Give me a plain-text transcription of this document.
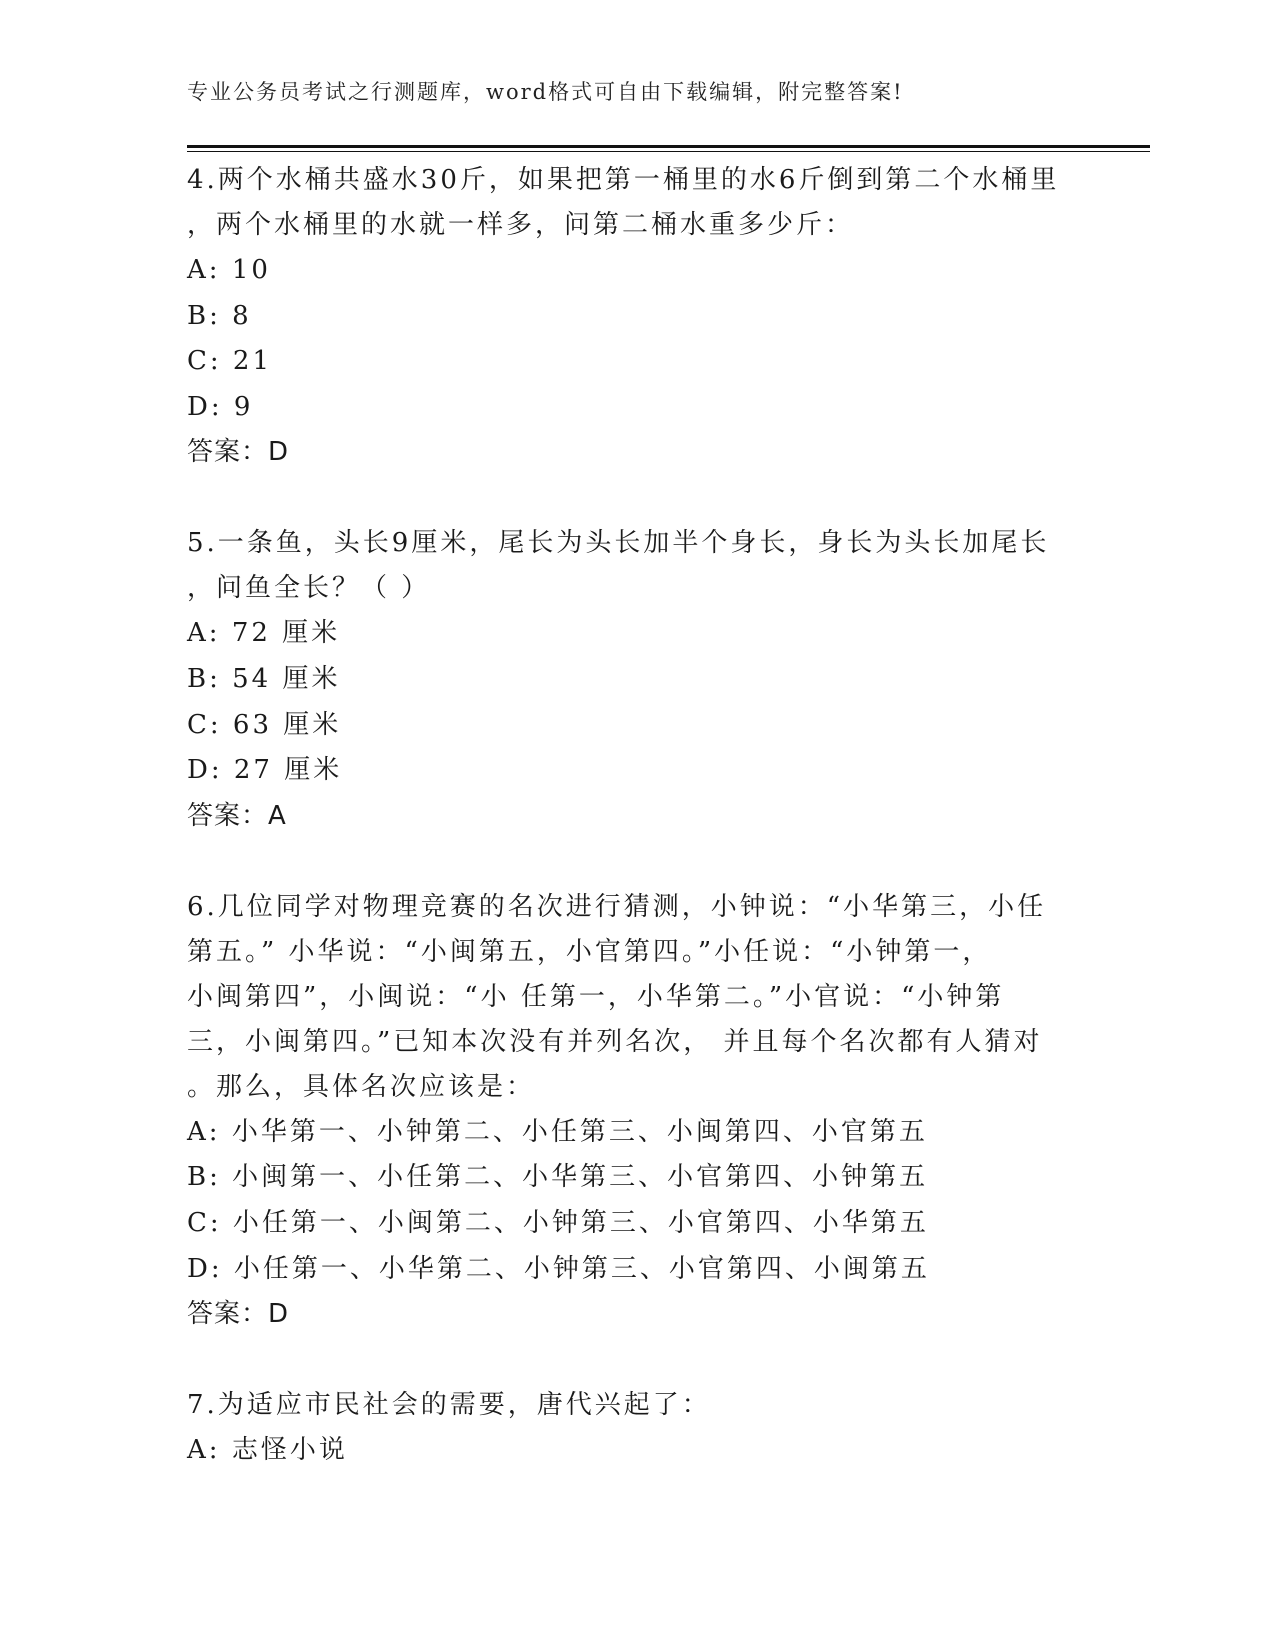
专业公务员考试之行测题库，word格式可自由下载编辑，附完整答案!
4.两个水桶共盛水30斤，如果把第一桶里的水6斤倒到第二个水桶里
，两个水桶里的水就一样多，问第二桶水重多少斤：
A: 10
B: 8
C: 21
D: 9
答案：D
5.一条鱼，头长9厘米，尾长为头长加半个身长，身长为头长加尾长
，问鱼全长？（ ）
A: 72 厘米
B: 54 厘米
C: 63 厘米
D: 27 厘米
答案：A
6.几位同学对物理竞赛的名次进行猜测，小钟说：“小华第三，小任
第五。” 小华说：“小闽第五，小官第四。”小任说：“小钟第一，
小闽第四”，小闽说：“小 任第一，小华第二。”小官说：“小钟第
三，小闽第四。”已知本次没有并列名次， 并且每个名次都有人猜对
。那么，具体名次应该是：
A: 小华第一、小钟第二、小任第三、小闽第四、小官第五
B: 小闽第一、小任第二、小华第三、小官第四、小钟第五
C: 小任第一、小闽第二、小钟第三、小官第四、小华第五
D: 小任第一、小华第二、小钟第三、小官第四、小闽第五
答案：D
7.为适应市民社会的需要，唐代兴起了：
A: 志怪小说
